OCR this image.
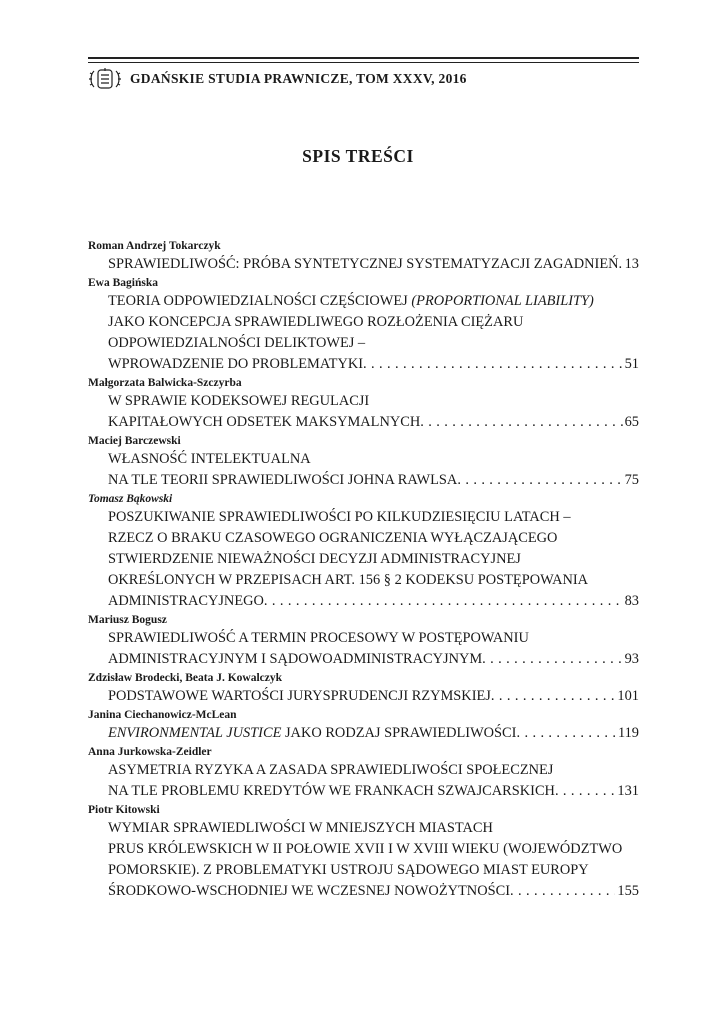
GDAŃSKIE STUDIA PRAWNICZE, TOM XXXV, 2016
SPIS TREŚCI
Roman Andrzej Tokarczyk
SPRAWIEDLIWOŚĆ: PRÓBA SYNTETYCZNEJ SYSTEMATYZACJI ZAGADNIEŃ . . . 13
Ewa Bagińska
TEORIA ODPOWIEDZIALNOŚCI CZĘŚCIOWEJ (PROPORTIONAL LIABILITY)
JAKO KONCEPCJA SPRAWIEDLIWEGO ROZŁOŻENIA CIĘŻARU
ODPOWIEDZIALNOŚCI DELIKTOWEJ –
WPROWADZENIE DO PROBLEMATYKI . . .	51
Małgorzata Balwicka-Szczyrba
W SPRAWIE KODEKSOWEJ REGULACJI
KAPITAŁOWYCH ODSETEK MAKSYMALNYCH . . .	65
Maciej Barczewski
WŁASNOŚĆ INTELEKTUALNA
NA TLE TEORII SPRAWIEDLIWOŚCI JOHNA RAWLSA . . .	75
Tomasz Bąkowski
POSZUKIWANIE SPRAWIEDLIWOŚCI PO KILKUDZIESIĘCIU LATACH –
RZECZ O BRAKU CZASOWEGO OGRANICZENIA WYŁĄCZAJĄCEGO
STWIERDZENIE NIEWAŻNOŚCI DECYZJI ADMINISTRACYJNEJ
OKREŚLONYCH W PRZEPISACH ART. 156 § 2 KODEKSU POSTĘPOWANIA
ADMINISTRACYJNEGO . . .	83
Mariusz Bogusz
SPRAWIEDLIWOŚĆ A TERMIN PROCESOWY W POSTĘPOWANIU
ADMINISTRACYJNYM I SĄDOWOADMINISTRACYJNYM . . .	93
Zdzisław Brodecki, Beata J. Kowalczyk
PODSTAWOWE WARTOŚCI JURYSPRUDENCJI RZYMSKIEJ . . .	101
Janina Ciechanowicz-McLean
ENVIRONMENTAL JUSTICE JAKO RODZAJ SPRAWIEDLIWOŚCI . . .	119
Anna Jurkowska-Zeidler
ASYMETRIA RYZYKA A ZASADA SPRAWIEDLIWOŚCI SPOŁECZNEJ
NA TLE PROBLEMU KREDYTÓW WE FRANKACH SZWAJCARSKICH . . .	131
Piotr Kitowski
WYMIAR SPRAWIEDLIWOŚCI W MNIEJSZYCH MIASTACH
PRUS KRÓLEWSKICH W II POŁOWIE XVII I W XVIII WIEKU (WOJEWÓDZTWO
POMORSKIE). Z PROBLEMATYKI USTROJU SĄDOWEGO MIAST EUROPY
ŚRODKOWO-WSCHODNIEJ WE WCZESNEJ NOWOŻYTNOŚCI . . .	155
